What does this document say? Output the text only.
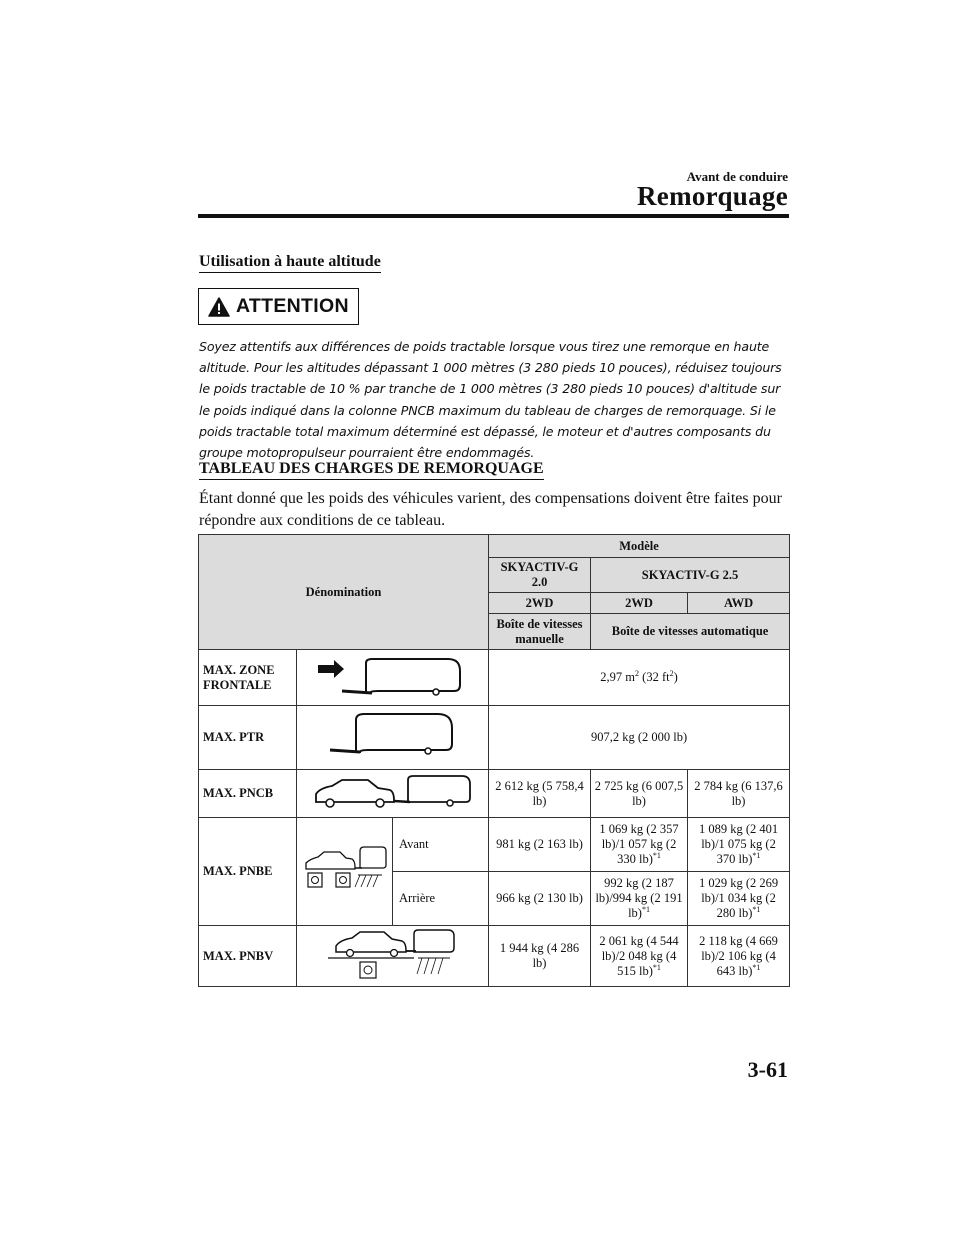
Avant de conduire
Remorquage
Utilisation à haute altitude
ATTENTION
Soyez attentifs aux différences de poids tractable lorsque vous tirez une remorque en haute altitude. Pour les altitudes dépassant 1 000 mètres (3 280 pieds 10 pouces), réduisez toujours le poids tractable de 10 % par tranche de 1 000 mètres (3 280 pieds 10 pouces) d'altitude sur le poids indiqué dans la colonne PNCB maximum du tableau de charges de remorquage. Si le poids tractable total maximum déterminé est dépassé, le moteur et d'autres composants du groupe motopropulseur pourraient être endommagés.
TABLEAU DES CHARGES DE REMORQUAGE
Étant donné que les poids des véhicules varient, des compensations doivent être faites pour répondre aux conditions de ce tableau.
Dénomination			Modèle		
			SKYACTIV-G 2.0	SKYACTIV-G 2.5	
			2WD	2WD	AWD
			Boîte de vitesses manuelle	Boîte de vitesses automatique	
MAX. ZONE FRONTALE			2,97 $m^2$ (32 $ft^2$)		
MAX. PTR			907,2 kg (2 000 lb)		
MAX. PNCB			2 612 kg (5 758,4 lb)	2 725 kg (6 007,5 lb)	2 784 kg (6 137,6 lb)
MAX. PNBE		Avant	981 kg (2 163 lb)	1 069 kg (2 357 lb)/1 057 kg (2 330 lb)$^{*1}$	1 089 kg (2 401 lb)/1 075 kg (2 370 lb)$^{*1}$
		Arrière	966 kg (2 130 lb)	992 kg (2 187 lb)/994 kg (2 191 lb)$^{*1}$	1 029 kg (2 269 lb)/1 034 kg (2 280 lb)$^{*1}$
MAX. PNBV			1 944 kg (4 286 lb)	2 061 kg (4 544 lb)/2 048 kg (4 515 lb)$^{*1}$	2 118 kg (4 669 lb)/2 106 kg (4 643 lb)$^{*1}$
3-61
